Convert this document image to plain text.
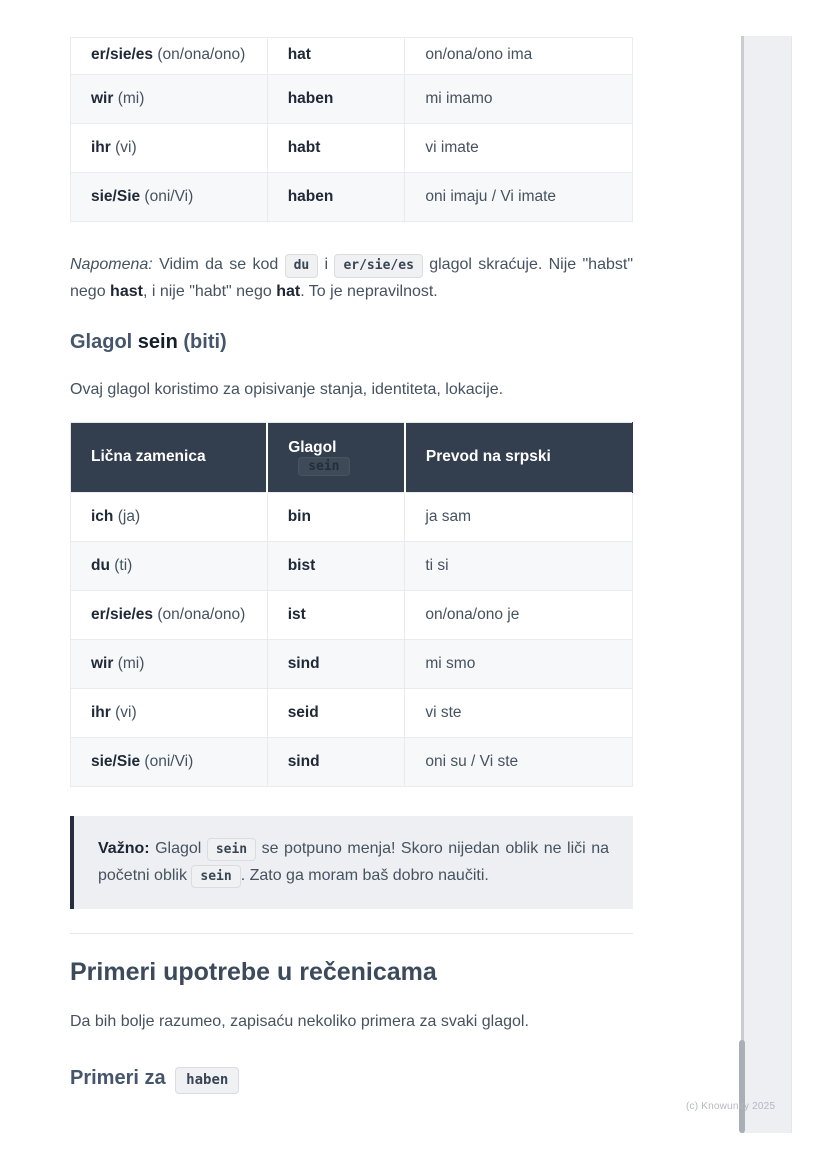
er/sie/es (on/ona/ono)	hat	on/ona/ono ima
wir (mi)	haben	mi imamo
ihr (vi)	habt	vi imate
sie/Sie (oni/Vi)	haben	oni imaju / Vi imate

Napomena: Vidim da se kod du i er/sie/es glagol skraćuje. Nije "habst" nego hast, i nije "habt" nego hat. To je nepravilnost.

Glagol sein (biti)

Ovaj glagol koristimo za opisivanje stanja, identiteta, lokacije.

Lična zamenica	Glagolsein	Prevod na srpski
ich (ja)	bin	ja sam
du (ti)	bist	ti si
er/sie/es (on/ona/ono)	ist	on/ona/ono je
wir (mi)	sind	mi smo
ihr (vi)	seid	vi ste
sie/Sie (oni/Vi)	sind	oni su / Vi ste
Važno: Glagol sein se potpuno menja! Skoro nijedan oblik ne liči na početni oblik sein . Zato ga moram baš dobro naučiti.
Primeri upotrebe u rečenicama

Da bih bolje razumeo, zapisaću nekoliko primera za svaki glagol.

Primeri za haben
(c) Knowunity 2025
